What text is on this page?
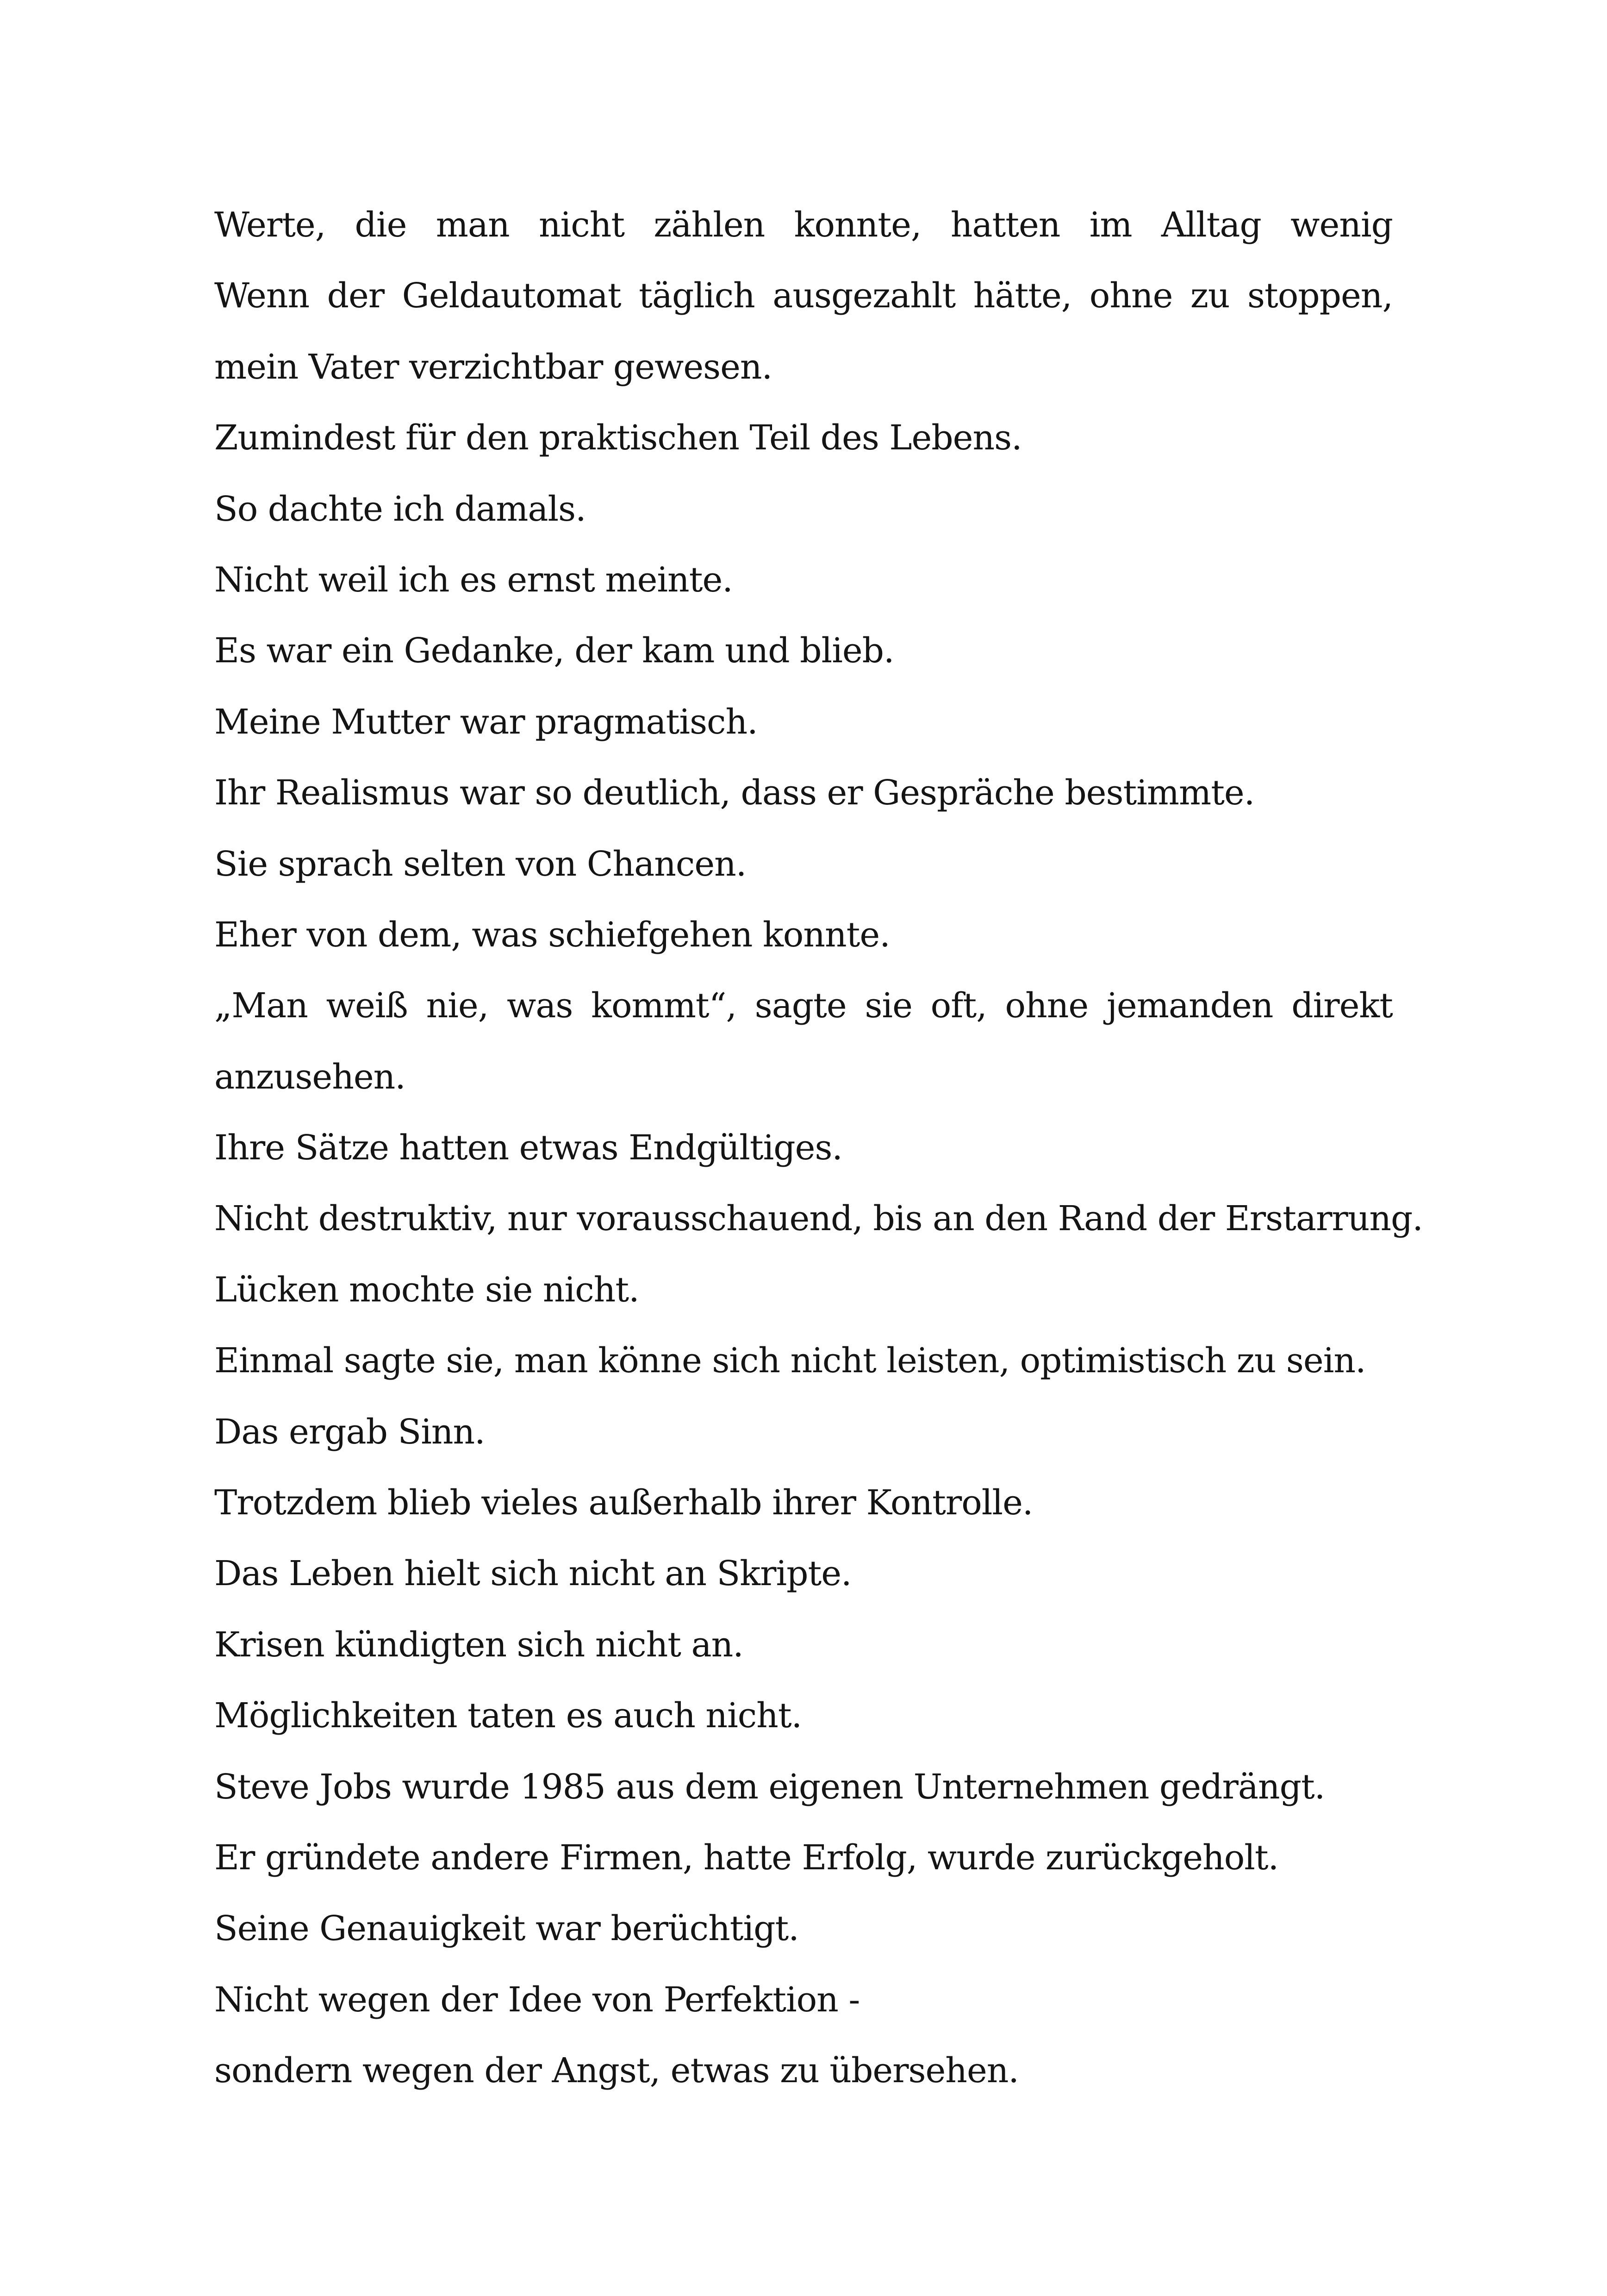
Werte, die man nicht zählen konnte, hatten im Alltag wenig
Wenn der Geldautomat täglich ausgezahlt hätte, ohne zu stoppen,
mein Vater verzichtbar gewesen.
Zumindest für den praktischen Teil des Lebens.
So dachte ich damals.
Nicht weil ich es ernst meinte.
Es war ein Gedanke, der kam und blieb.
Meine Mutter war pragmatisch.
Ihr Realismus war so deutlich, dass er Gespräche bestimmte.
Sie sprach selten von Chancen.
Eher von dem, was schiefgehen konnte.
„Man weiß nie, was kommt“, sagte sie oft, ohne jemanden direkt
anzusehen.
Ihre Sätze hatten etwas Endgültiges.
Nicht destruktiv, nur vorausschauend, bis an den Rand der Erstarrung.
Lücken mochte sie nicht.
Einmal sagte sie, man könne sich nicht leisten, optimistisch zu sein.
Das ergab Sinn.
Trotzdem blieb vieles außerhalb ihrer Kontrolle.
Das Leben hielt sich nicht an Skripte.
Krisen kündigten sich nicht an.
Möglichkeiten taten es auch nicht.
Steve Jobs wurde 1985 aus dem eigenen Unternehmen gedrängt.
Er gründete andere Firmen, hatte Erfolg, wurde zurückgeholt.
Seine Genauigkeit war berüchtigt.
Nicht wegen der Idee von Perfektion -
sondern wegen der Angst, etwas zu übersehen.
